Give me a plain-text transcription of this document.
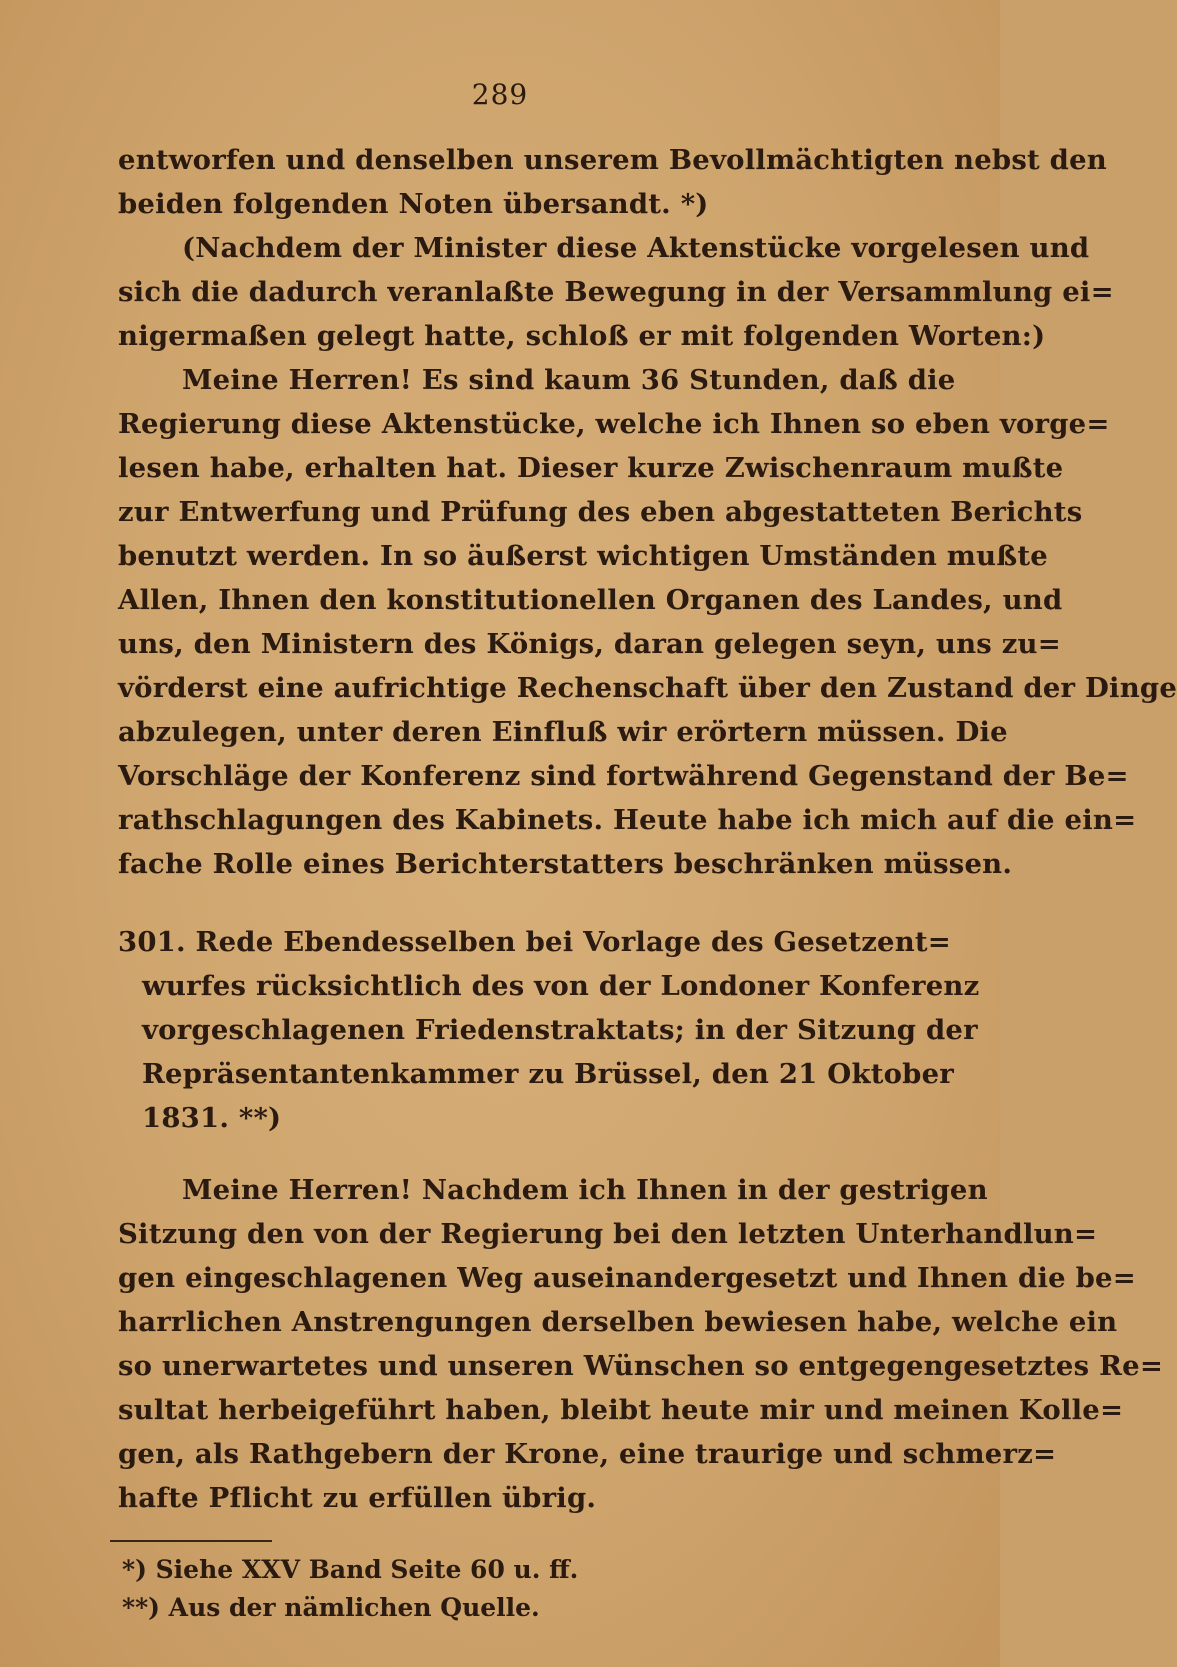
289
entworfen und denselben unserem Bevollmächtigten nebst den
beiden folgenden Noten übersandt. *)
(Nachdem der Minister diese Aktenstücke vorgelesen und
sich die dadurch veranlaßte Bewegung in der Versammlung ei=
nigermaßen gelegt hatte, schloß er mit folgenden Worten:)
Meine Herren! Es sind kaum 36 Stunden, daß die
Regierung diese Aktenstücke, welche ich Ihnen so eben vorge=
lesen habe, erhalten hat. Dieser kurze Zwischenraum mußte
zur Entwerfung und Prüfung des eben abgestatteten Berichts
benutzt werden. In so äußerst wichtigen Umständen mußte
Allen, Ihnen den konstitutionellen Organen des Landes, und
uns, den Ministern des Königs, daran gelegen seyn, uns zu=
vörderst eine aufrichtige Rechenschaft über den Zustand der Dinge
abzulegen, unter deren Einfluß wir erörtern müssen. Die
Vorschläge der Konferenz sind fortwährend Gegenstand der Be=
rathschlagungen des Kabinets. Heute habe ich mich auf die ein=
fache Rolle eines Berichterstatters beschränken müssen.
301. Rede Ebendesselben bei Vorlage des Gesetzent=
wurfes rücksichtlich des von der Londoner Konferenz
vorgeschlagenen Friedenstraktats; in der Sitzung der
Repräsentantenkammer zu Brüssel, den 21 Oktober
1831. **)
Meine Herren! Nachdem ich Ihnen in der gestrigen
Sitzung den von der Regierung bei den letzten Unterhandlun=
gen eingeschlagenen Weg auseinandergesetzt und Ihnen die be=
harrlichen Anstrengungen derselben bewiesen habe, welche ein
so unerwartetes und unseren Wünschen so entgegengesetztes Re=
sultat herbeigeführt haben, bleibt heute mir und meinen Kolle=
gen, als Rathgebern der Krone, eine traurige und schmerz=
hafte Pflicht zu erfüllen übrig.
*) Siehe XXV Band Seite 60 u. ff.
**) Aus der nämlichen Quelle.
